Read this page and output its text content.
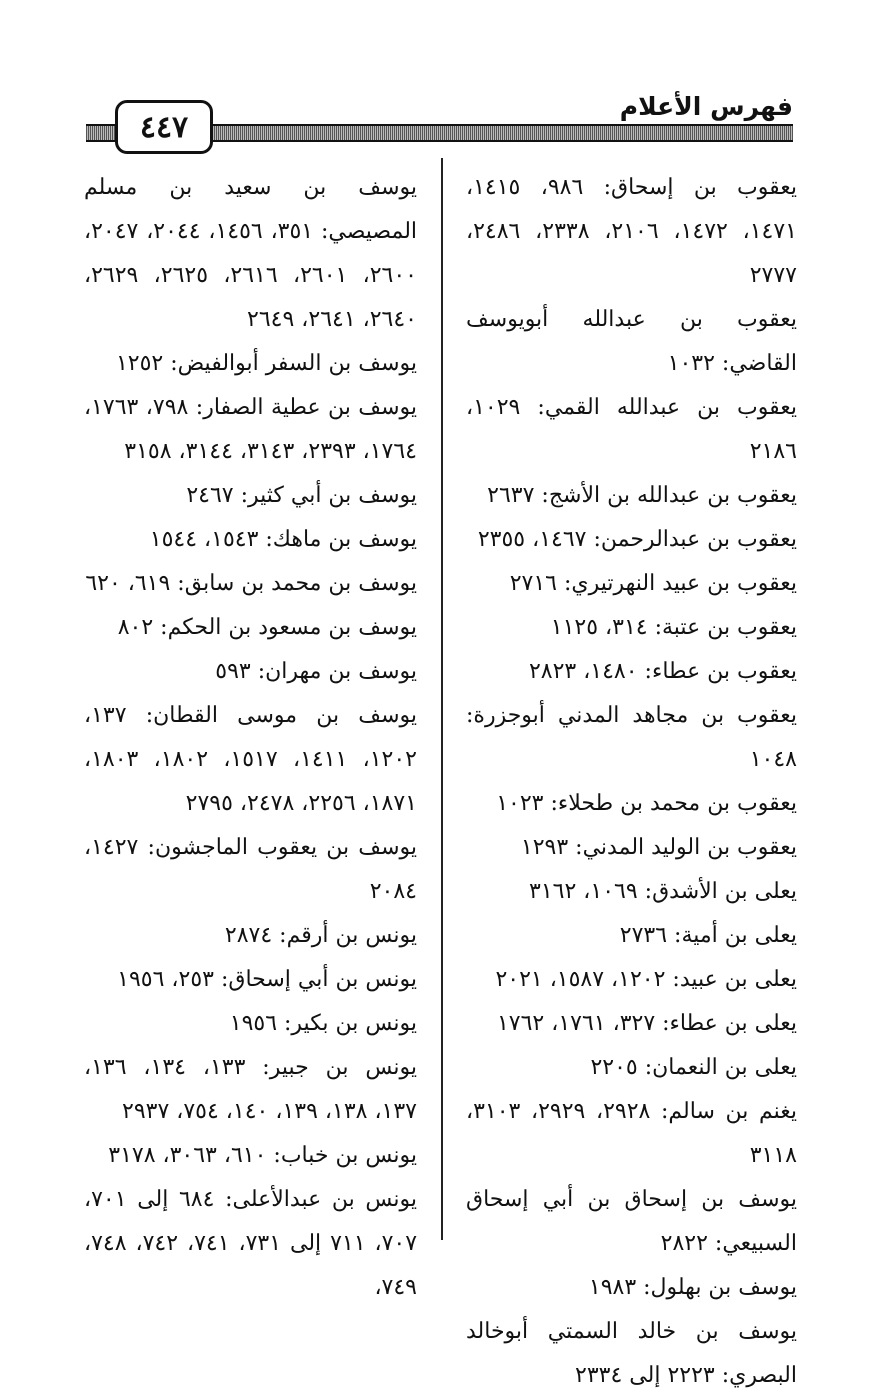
فهرس الأعلام
٤٤٧

يعقوب بن إسحاق: ٩٨٦، ١٤١٥، ١٤٧١، ١٤٧٢، ٢١٠٦، ٢٣٣٨، ٢٤٨٦، ٢٧٧٧

يعقوب بن عبدالله أبويوسف القاضي: ١٠٣٢

يعقوب بن عبدالله القمي: ١٠٢٩، ٢١٨٦

يعقوب بن عبدالله بن الأشج: ٢٦٣٧

يعقوب بن عبدالرحمن: ١٤٦٧، ٢٣٥٥

يعقوب بن عبيد النهرتيري: ٢٧١٦

يعقوب بن عتبة: ٣١٤، ١١٢٥

يعقوب بن عطاء: ١٤٨٠، ٢٨٢٣

يعقوب بن مجاهد المدني أبوجزرة: ١٠٤٨

يعقوب بن محمد بن طحلاء: ١٠٢٣

يعقوب بن الوليد المدني: ١٢٩٣

يعلى بن الأشدق: ١٠٦٩، ٣١٦٢

يعلى بن أمية: ٢٧٣٦

يعلى بن عبيد: ١٢٠٢، ١٥٨٧، ٢٠٢١

يعلى بن عطاء: ٣٢٧، ١٧٦١، ١٧٦٢

يعلى بن النعمان: ٢٢٠٥

يغنم بن سالم: ٢٩٢٨، ٢٩٢٩، ٣١٠٣، ٣١١٨

يوسف بن إسحاق بن أبي إسحاق السبيعي: ٢٨٢٢

يوسف بن بهلول: ١٩٨٣

يوسف بن خالد السمتي أبوخالد البصري: ٢٢٢٣ إلى ٢٣٣٤

يوسف بن سعيد بن مسلم المصيصي: ٣٥١، ١٤٥٦، ٢٠٤٤، ٢٠٤٧، ٢٦٠٠، ٢٦٠١، ٢٦١٦، ٢٦٢٥، ٢٦٢٩، ٢٦٤٠، ٢٦٤١، ٢٦٤٩

يوسف بن السفر أبوالفيض: ١٢٥٢

يوسف بن عطية الصفار: ٧٩٨، ١٧٦٣، ١٧٦٤، ٢٣٩٣، ٣١٤٣، ٣١٤٤، ٣١٥٨

يوسف بن أبي كثير: ٢٤٦٧

يوسف بن ماهك: ١٥٤٣، ١٥٤٤

يوسف بن محمد بن سابق: ٦١٩، ٦٢٠

يوسف بن مسعود بن الحكم: ٨٠٢

يوسف بن مهران: ٥٩٣

يوسف بن موسى القطان: ١٣٧، ١٢٠٢، ١٤١١، ١٥١٧، ١٨٠٢، ١٨٠٣، ١٨٧١، ٢٢٥٦، ٢٤٧٨، ٢٧٩٥

يوسف بن يعقوب الماجشون: ١٤٢٧، ٢٠٨٤

يونس بن أرقم: ٢٨٧٤

يونس بن أبي إسحاق: ٢٥٣، ١٩٥٦

يونس بن بكير: ١٩٥٦

يونس بن جبير: ١٣٣، ١٣٤، ١٣٦، ١٣٧، ١٣٨، ١٣٩، ١٤٠، ٧٥٤، ٢٩٣٧

يونس بن خباب: ٦١٠، ٣٠٦٣، ٣١٧٨

يونس بن عبدالأعلى: ٦٨٤ إلى ٧٠١، ٧٠٧، ٧١١ إلى ٧٣١، ٧٤١، ٧٤٢، ٧٤٨، ٧٤٩،
